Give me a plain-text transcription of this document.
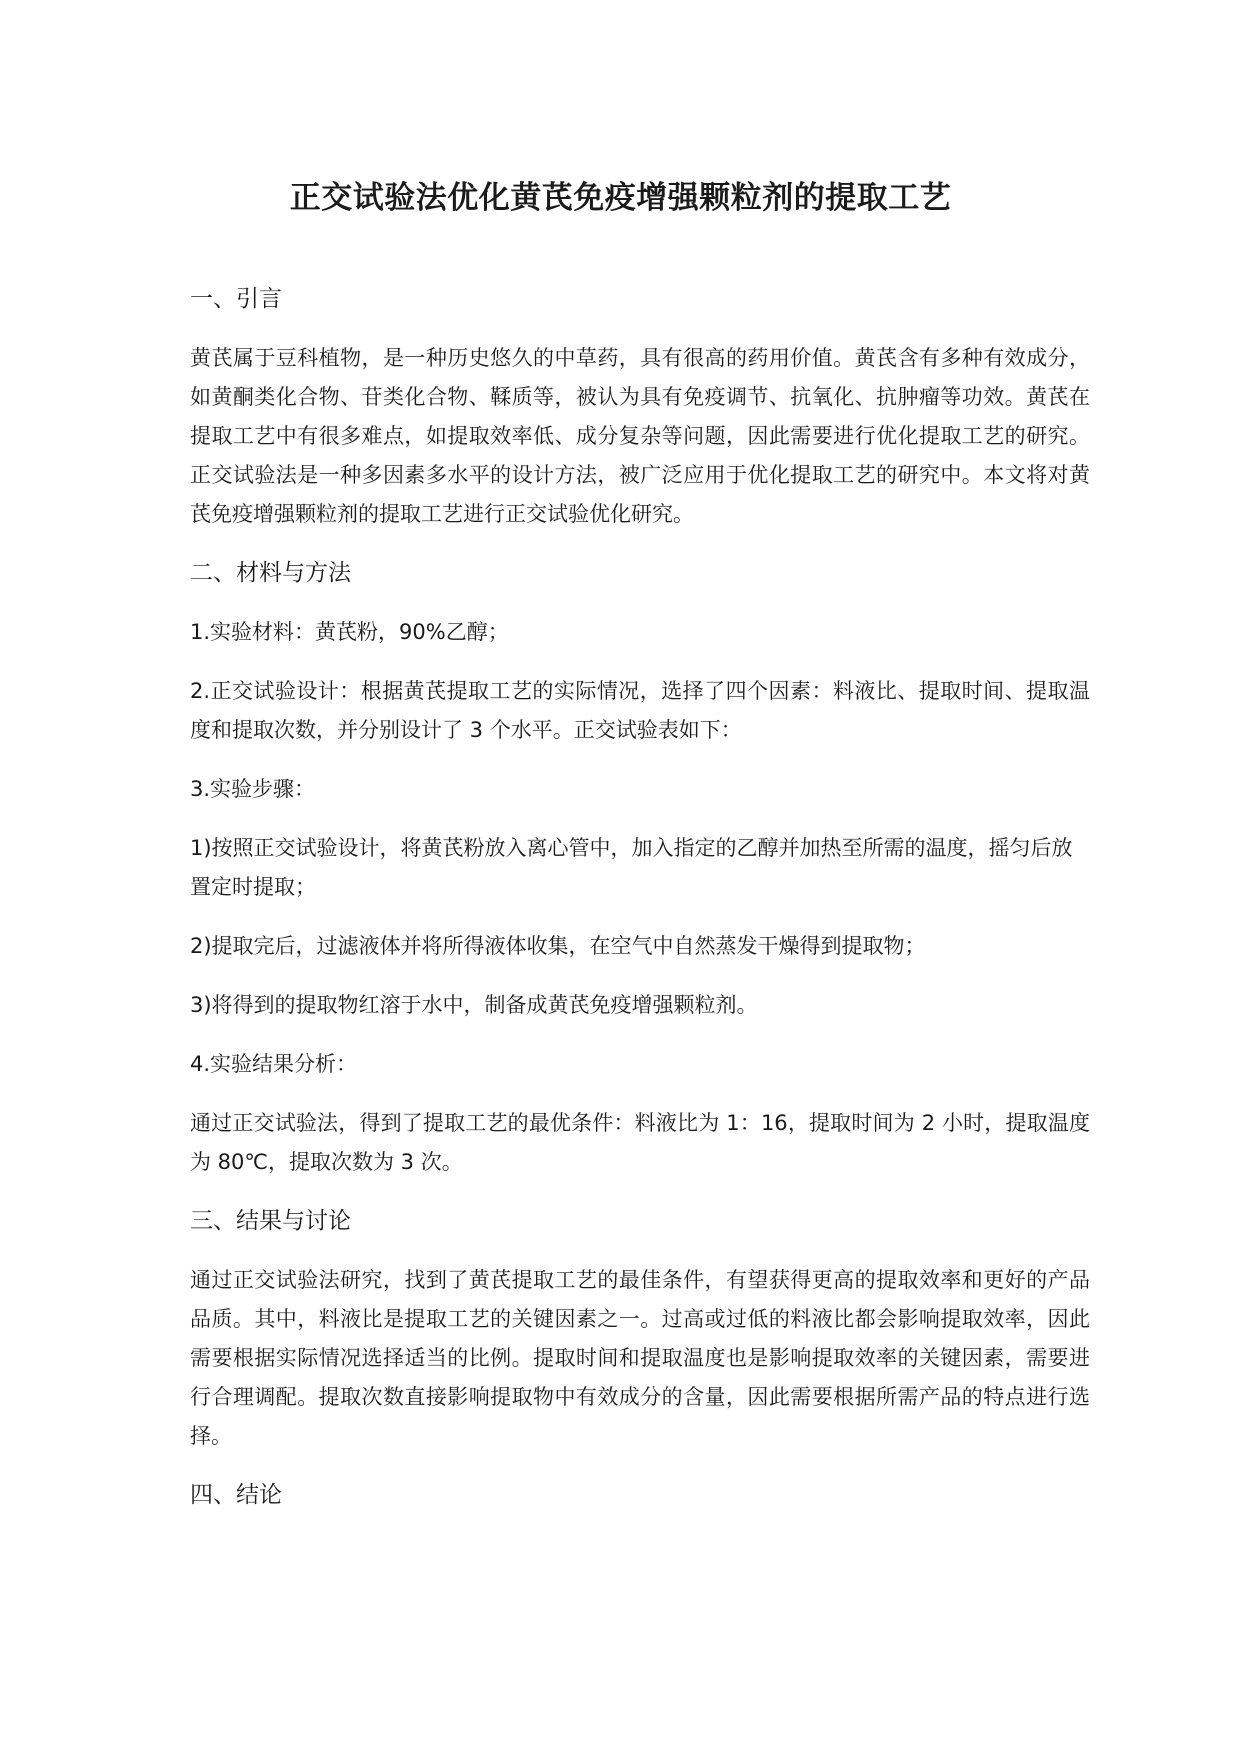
正交试验法优化黄芪免疫增强颗粒剂的提取工艺
一、引言
黄芪属于豆科植物，是一种历史悠久的中草药，具有很高的药用价值。黄芪含有多种有效成分，如黄酮类化合物、苷类化合物、鞣质等，被认为具有免疫调节、抗氧化、抗肿瘤等功效。黄芪在提取工艺中有很多难点，如提取效率低、成分复杂等问题，因此需要进行优化提取工艺的研究。正交试验法是一种多因素多水平的设计方法，被广泛应用于优化提取工艺的研究中。本文将对黄芪免疫增强颗粒剂的提取工艺进行正交试验优化研究。
二、材料与方法
1.实验材料：黄芪粉，90%乙醇；
2.正交试验设计：根据黄芪提取工艺的实际情况，选择了四个因素：料液比、提取时间、提取温度和提取次数，并分别设计了 3 个水平。正交试验表如下：
3.实验步骤：
1)按照正交试验设计，将黄芪粉放入离心管中，加入指定的乙醇并加热至所需的温度，摇匀后放置定时提取；
2)提取完后，过滤液体并将所得液体收集，在空气中自然蒸发干燥得到提取物；
3)将得到的提取物红溶于水中，制备成黄芪免疫增强颗粒剂。
4.实验结果分析：
通过正交试验法，得到了提取工艺的最优条件：料液比为 1：16，提取时间为 2 小时，提取温度为 80℃，提取次数为 3 次。
三、结果与讨论
通过正交试验法研究，找到了黄芪提取工艺的最佳条件，有望获得更高的提取效率和更好的产品品质。其中，料液比是提取工艺的关键因素之一。过高或过低的料液比都会影响提取效率，因此需要根据实际情况选择适当的比例。提取时间和提取温度也是影响提取效率的关键因素，需要进行合理调配。提取次数直接影响提取物中有效成分的含量，因此需要根据所需产品的特点进行选择。
四、结论
